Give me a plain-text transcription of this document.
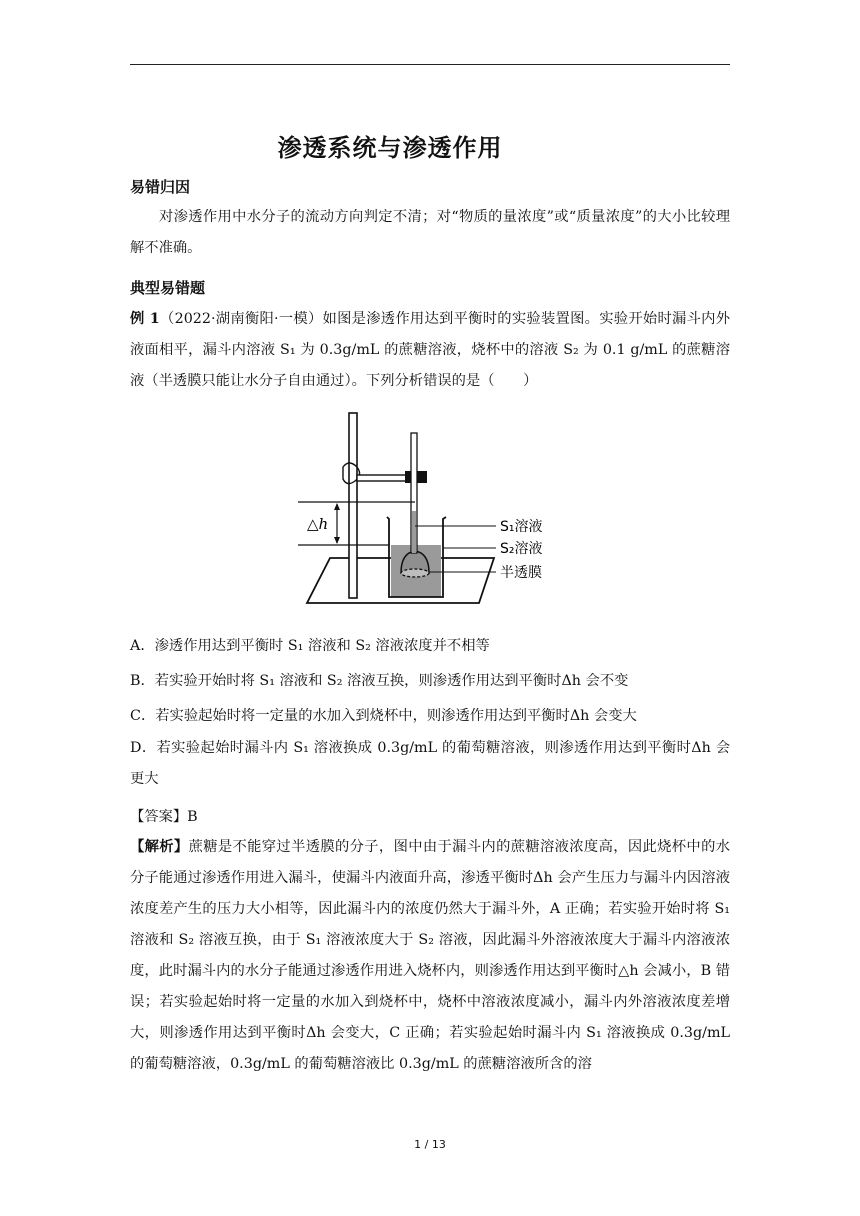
渗透系统与渗透作用
易错归因
对渗透作用中水分子的流动方向判定不清；对“物质的量浓度”或“质量浓度”的大小比较理解不准确。
典型易错题
例 1（2022·湖南衡阳·一模）如图是渗透作用达到平衡时的实验装置图。实验开始时漏斗内外液面相平，漏斗内溶液 S₁ 为 0.3g/mL 的蔗糖溶液，烧杯中的溶液 S₂ 为 0.1 g/mL 的蔗糖溶液（半透膜只能让水分子自由通过）。下列分析错误的是（　　）
△h	S₁溶液
S₂溶液
半透膜
A．渗透作用达到平衡时 S₁ 溶液和 S₂ 溶液浓度并不相等
B．若实验开始时将 S₁ 溶液和 S₂ 溶液互换，则渗透作用达到平衡时Δh 会不变
C．若实验起始时将一定量的水加入到烧杯中，则渗透作用达到平衡时Δh 会变大
D．若实验起始时漏斗内 S₁ 溶液换成 0.3g/mL 的葡萄糖溶液，则渗透作用达到平衡时Δh 会更大
【答案】B
【解析】蔗糖是不能穿过半透膜的分子，图中由于漏斗内的蔗糖溶液浓度高，因此烧杯中的水分子能通过渗透作用进入漏斗，使漏斗内液面升高，渗透平衡时Δh 会产生压力与漏斗内因溶液浓度差产生的压力大小相等，因此漏斗内的浓度仍然大于漏斗外，A 正确；若实验开始时将 S₁ 溶液和 S₂ 溶液互换，由于 S₁ 溶液浓度大于 S₂ 溶液，因此漏斗外溶液浓度大于漏斗内溶液浓度，此时漏斗内的水分子能通过渗透作用进入烧杯内，则渗透作用达到平衡时△h 会减小，B 错误；若实验起始时将一定量的水加入到烧杯中，烧杯中溶液浓度减小，漏斗内外溶液浓度差增大，则渗透作用达到平衡时Δh 会变大，C 正确；若实验起始时漏斗内 S₁ 溶液换成 0.3g/mL 的葡萄糖溶液，0.3g/mL 的葡萄糖溶液比 0.3g/mL 的蔗糖溶液所含的溶
1 / 13
